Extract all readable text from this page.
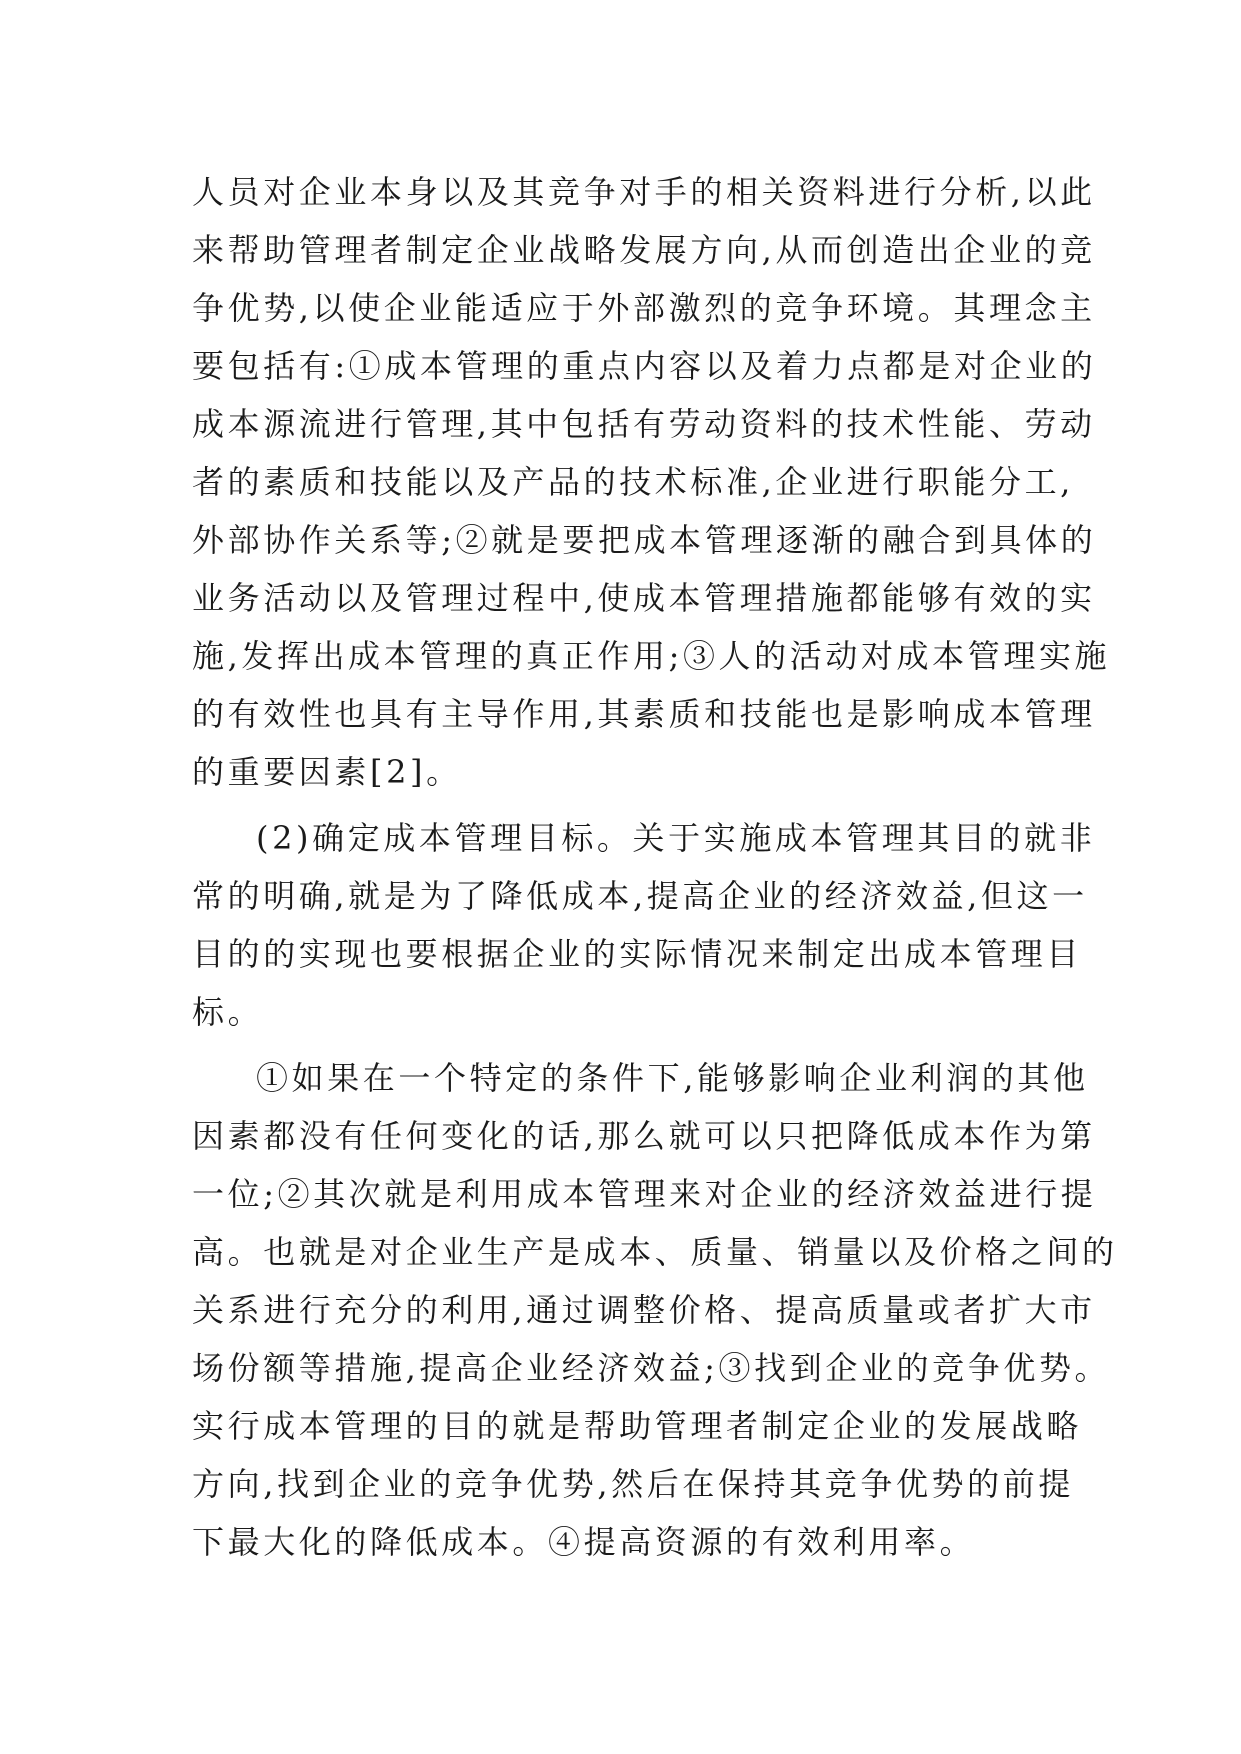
人员对企业本身以及其竞争对手的相关资料进行分析,以此
来帮助管理者制定企业战略发展方向,从而创造出企业的竞
争优势,以使企业能适应于外部激烈的竞争环境。其理念主
要包括有:①成本管理的重点内容以及着力点都是对企业的
成本源流进行管理,其中包括有劳动资料的技术性能、劳动
者的素质和技能以及产品的技术标准,企业进行职能分工,
外部协作关系等;②就是要把成本管理逐渐的融合到具体的
业务活动以及管理过程中,使成本管理措施都能够有效的实
施,发挥出成本管理的真正作用;③人的活动对成本管理实施
的有效性也具有主导作用,其素质和技能也是影响成本管理
的重要因素[2]。
(2)确定成本管理目标。关于实施成本管理其目的就非
常的明确,就是为了降低成本,提高企业的经济效益,但这一
目的的实现也要根据企业的实际情况来制定出成本管理目
标。
①如果在一个特定的条件下,能够影响企业利润的其他
因素都没有任何变化的话,那么就可以只把降低成本作为第
一位;②其次就是利用成本管理来对企业的经济效益进行提
高。也就是对企业生产是成本、质量、销量以及价格之间的
关系进行充分的利用,通过调整价格、提高质量或者扩大市
场份额等措施,提高企业经济效益;③找到企业的竞争优势。
实行成本管理的目的就是帮助管理者制定企业的发展战略
方向,找到企业的竞争优势,然后在保持其竞争优势的前提
下最大化的降低成本。④提高资源的有效利用率。
